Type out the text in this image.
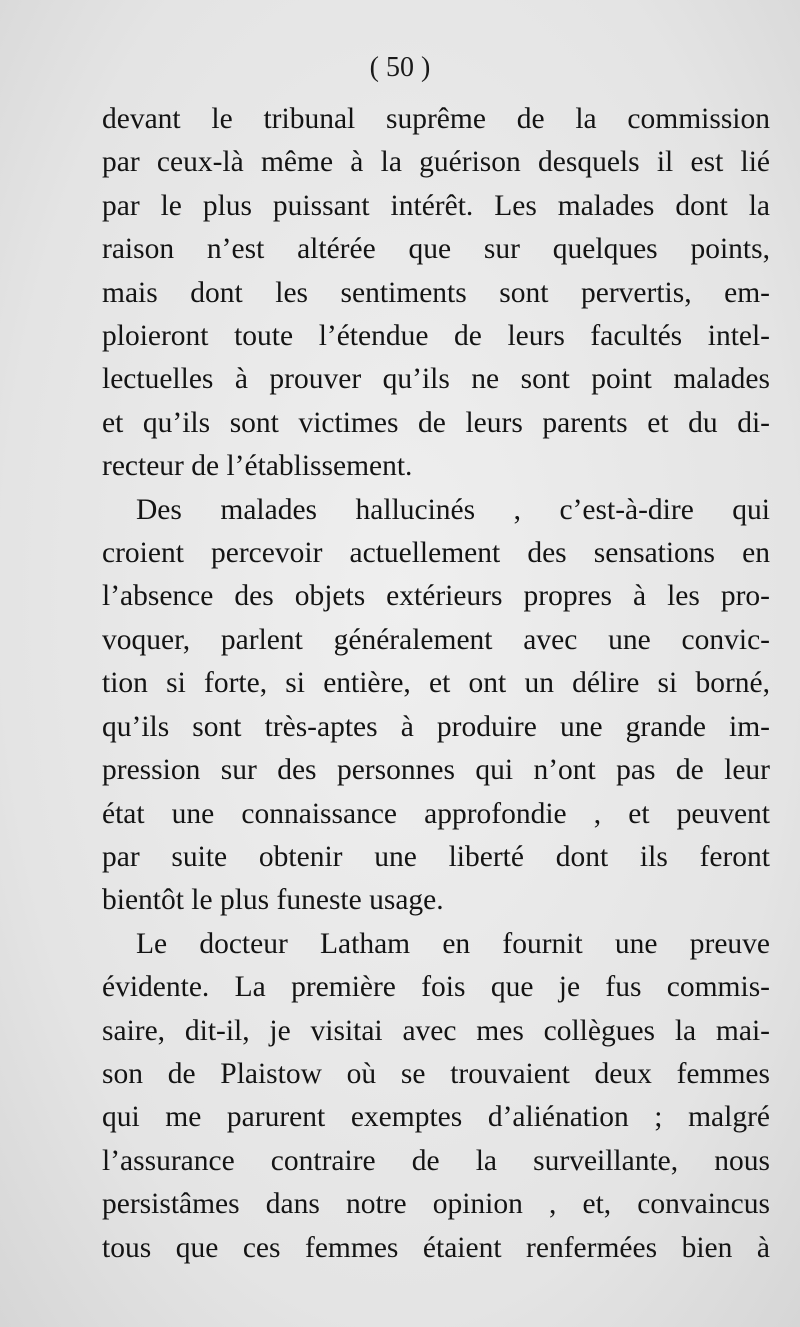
( 50 )
devant le tribunal suprême de la commission
par ceux-là même à la guérison desquels il est lié
par le plus puissant intérêt. Les malades dont la
raison n’est altérée que sur quelques points,
mais dont les sentiments sont pervertis, em-
ploieront toute l’étendue de leurs facultés intel-
lectuelles à prouver qu’ils ne sont point malades
et qu’ils sont victimes de leurs parents et du di-
recteur de l’établissement.
Des malades hallucinés , c’est-à-dire qui
croient percevoir actuellement des sensations en
l’absence des objets extérieurs propres à les pro-
voquer, parlent généralement avec une convic-
tion si forte, si entière, et ont un délire si borné,
qu’ils sont très-aptes à produire une grande im-
pression sur des personnes qui n’ont pas de leur
état une connaissance approfondie , et peuvent
par suite obtenir une liberté dont ils feront
bientôt le plus funeste usage.
Le docteur Latham en fournit une preuve
évidente. La première fois que je fus commis-
saire, dit-il, je visitai avec mes collègues la mai-
son de Plaistow où se trouvaient deux femmes
qui me parurent exemptes d’aliénation ; malgré
l’assurance contraire de la surveillante, nous
persistâmes dans notre opinion , et, convaincus
tous que ces femmes étaient renfermées bien à
